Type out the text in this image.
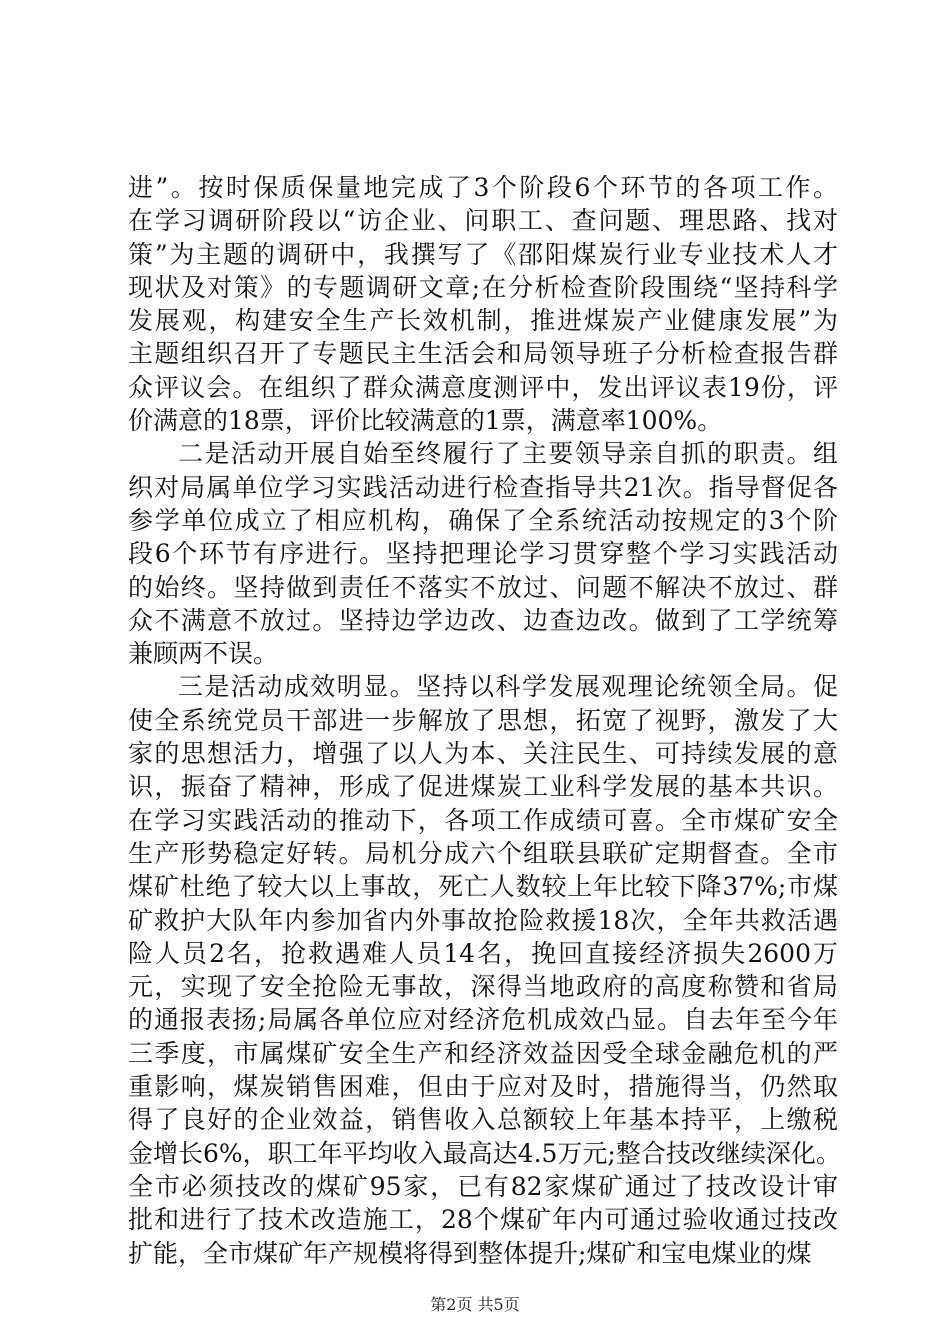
进”。按时保质保量地完成了3个阶段6个环节的各项工作。
在学习调研阶段以“访企业、问职工、查问题、理思路、找对
策”为主题的调研中，我撰写了《邵阳煤炭行业专业技术人才
现状及对策》的专题调研文章;在分析检查阶段围绕“坚持科学
发展观，构建安全生产长效机制，推进煤炭产业健康发展”为
主题组织召开了专题民主生活会和局领导班子分析检查报告群
众评议会。在组织了群众满意度测评中，发出评议表19份，评
价满意的18票，评价比较满意的1票，满意率100%。
二是活动开展自始至终履行了主要领导亲自抓的职责。组
织对局属单位学习实践活动进行检查指导共21次。指导督促各
参学单位成立了相应机构，确保了全系统活动按规定的3个阶
段6个环节有序进行。坚持把理论学习贯穿整个学习实践活动
的始终。坚持做到责任不落实不放过、问题不解决不放过、群
众不满意不放过。坚持边学边改、边查边改。做到了工学统筹
兼顾两不误。
三是活动成效明显。坚持以科学发展观理论统领全局。促
使全系统党员干部进一步解放了思想，拓宽了视野，激发了大
家的思想活力，增强了以人为本、关注民生、可持续发展的意
识，振奋了精神，形成了促进煤炭工业科学发展的基本共识。
在学习实践活动的推动下，各项工作成绩可喜。全市煤矿安全
生产形势稳定好转。局机分成六个组联县联矿定期督查。全市
煤矿杜绝了较大以上事故，死亡人数较上年比较下降37%;市煤
矿救护大队年内参加省内外事故抢险救援18次，全年共救活遇
险人员2名，抢救遇难人员14名，挽回直接经济损失2600万
元，实现了安全抢险无事故，深得当地政府的高度称赞和省局
的通报表扬;局属各单位应对经济危机成效凸显。自去年至今年
三季度，市属煤矿安全生产和经济效益因受全球金融危机的严
重影响，煤炭销售困难，但由于应对及时，措施得当，仍然取
得了良好的企业效益，销售收入总额较上年基本持平，上缴税
金增长6%，职工年平均收入最高达4.5万元;整合技改继续深化。
全市必须技改的煤矿95家，已有82家煤矿通过了技改设计审
批和进行了技术改造施工，28个煤矿年内可通过验收通过技改
扩能，全市煤矿年产规模将得到整体提升;煤矿和宝电煤业的煤
第2页 共5页
